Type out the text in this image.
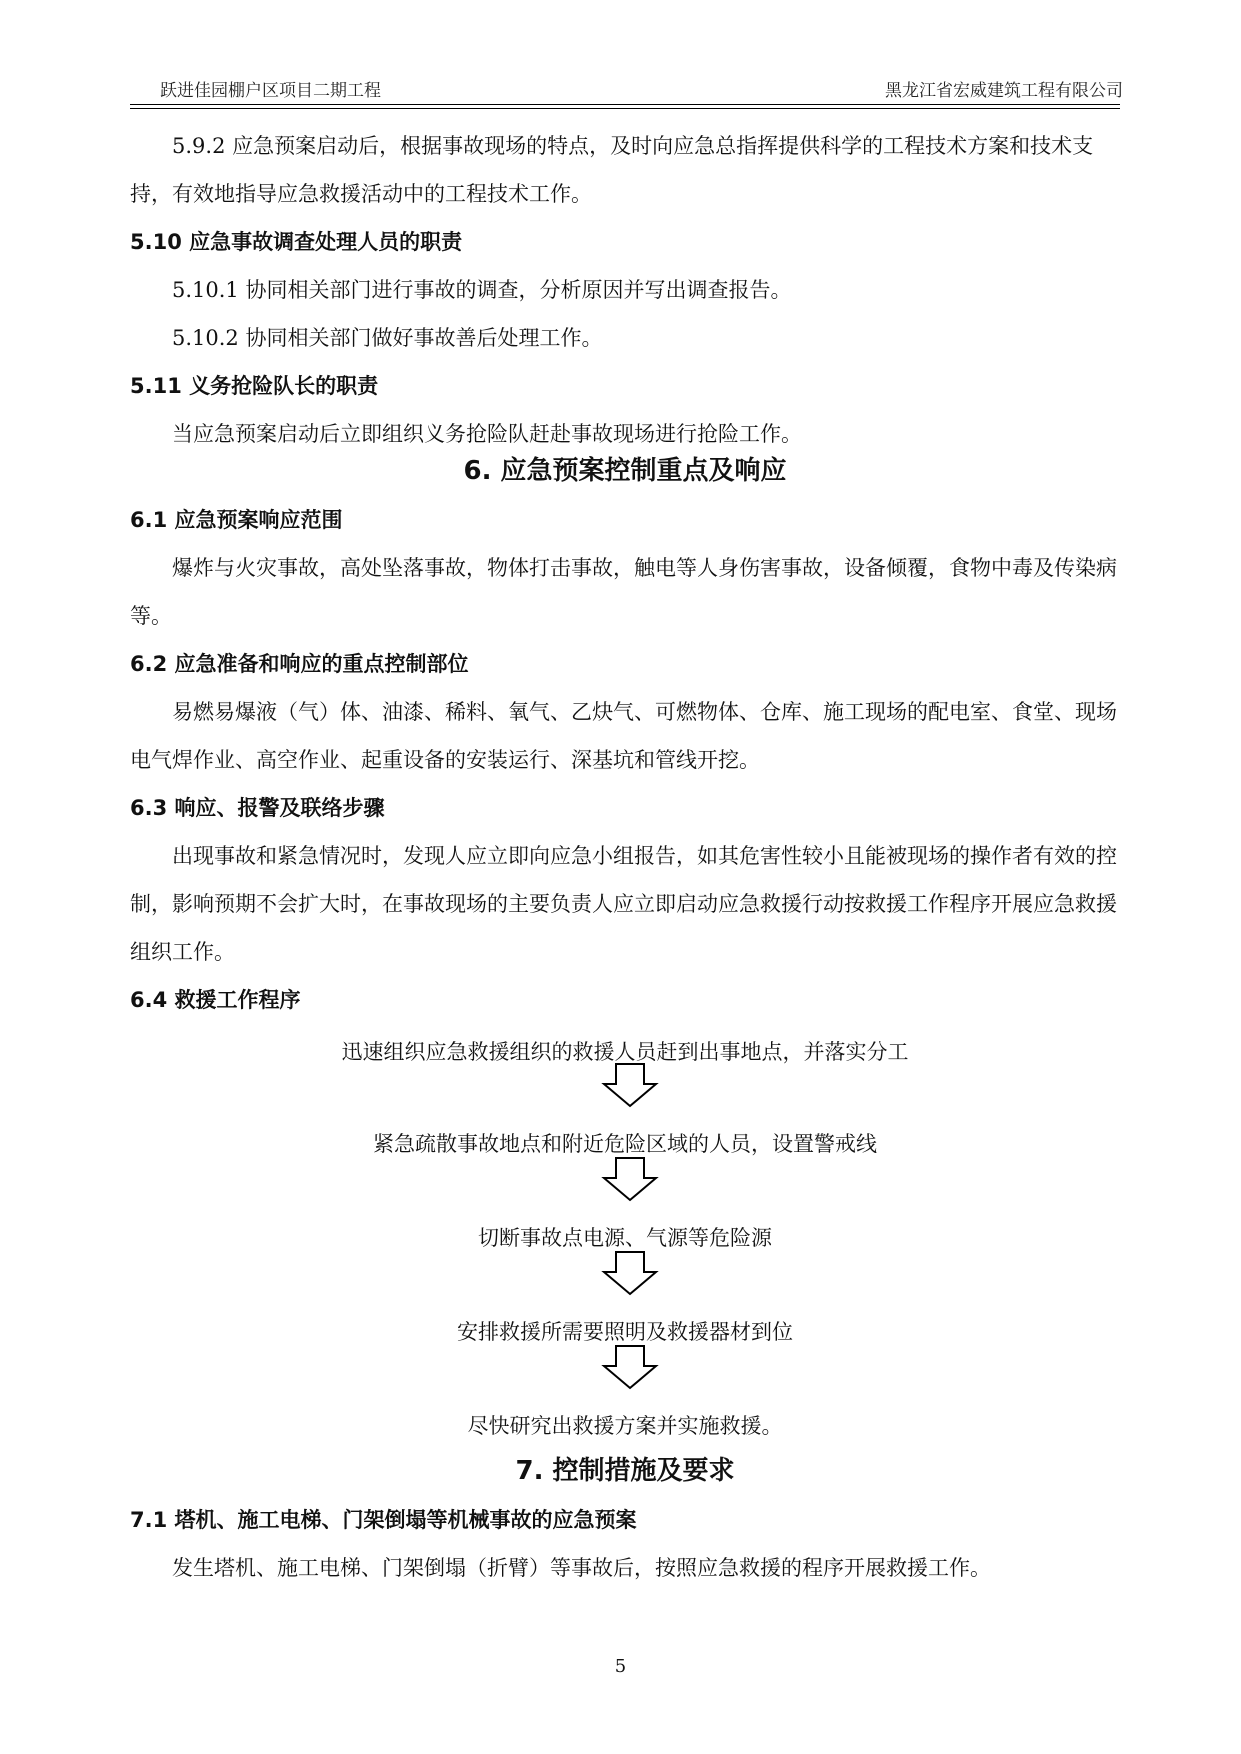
跃进佳园棚户区项目二期工程	黑龙江省宏威建筑工程有限公司

5.9.2 应急预案启动后，根据事故现场的特点，及时向应急总指挥提供科学的工程技术方案和技术支持，有效地指导应急救援活动中的工程技术工作。

5.10 应急事故调查处理人员的职责

5.10.1 协同相关部门进行事故的调查，分析原因并写出调查报告。

5.10.2 协同相关部门做好事故善后处理工作。

5.11 义务抢险队长的职责

当应急预案启动后立即组织义务抢险队赶赴事故现场进行抢险工作。

6. 应急预案控制重点及响应

6.1 应急预案响应范围

爆炸与火灾事故，高处坠落事故，物体打击事故，触电等人身伤害事故，设备倾覆，食物中毒及传染病等。

6.2 应急准备和响应的重点控制部位

易燃易爆液（气）体、油漆、稀料、氧气、乙炔气、可燃物体、仓库、施工现场的配电室、食堂、现场电气焊作业、高空作业、起重设备的安装运行、深基坑和管线开挖。

6.3 响应、报警及联络步骤

出现事故和紧急情况时，发现人应立即向应急小组报告，如其危害性较小且能被现场的操作者有效的控制，影响预期不会扩大时，在事故现场的主要负责人应立即启动应急救援行动按救援工作程序开展应急救援组织工作。

6.4 救援工作程序

迅速组织应急救援组织的救援人员赶到出事地点，并落实分工
紧急疏散事故地点和附近危险区域的人员，设置警戒线
切断事故点电源、气源等危险源
安排救援所需要照明及救援器材到位
尽快研究出救援方案并实施救援。
7. 控制措施及要求

7.1 塔机、施工电梯、门架倒塌等机械事故的应急预案

发生塔机、施工电梯、门架倒塌（折臂）等事故后，按照应急救援的程序开展救援工作。

5
